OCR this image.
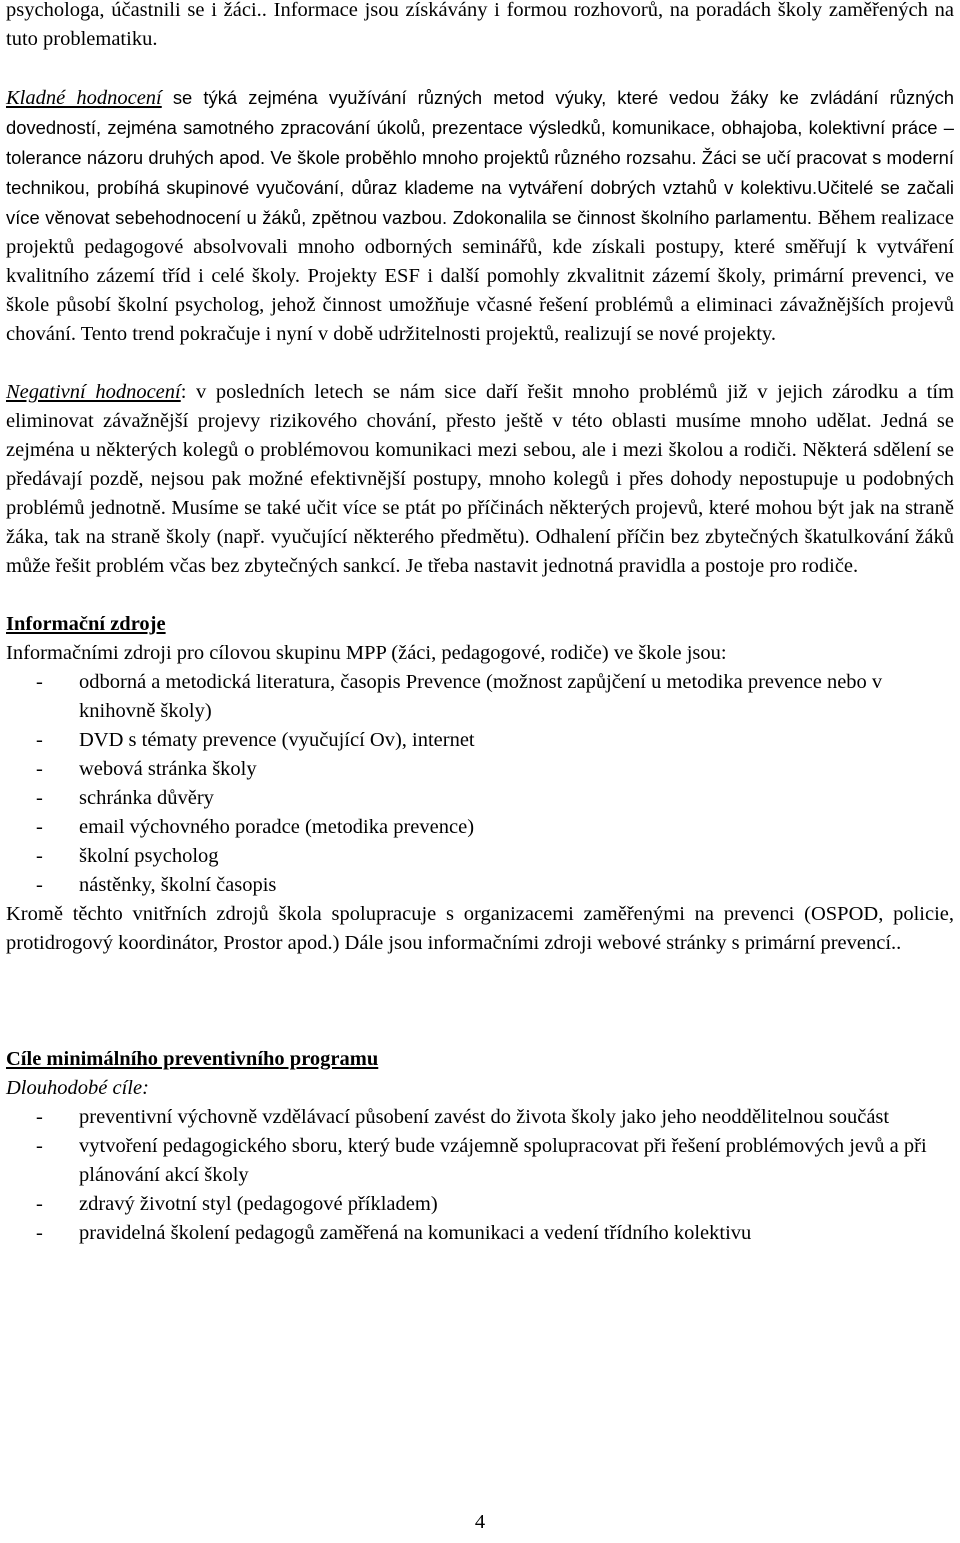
psychologa, účastnili se i žáci.. Informace jsou získávány i formou rozhovorů, na poradách školy zaměřených na tuto problematiku.

Kladné hodnocení se týká zejména využívání různých metod výuky, které vedou žáky ke zvládání různých dovedností, zejména samotného zpracování úkolů, prezentace výsledků, komunikace, obhajoba, kolektivní práce – tolerance názoru druhých apod. Ve škole proběhlo mnoho projektů různého rozsahu. Žáci se učí pracovat s moderní technikou, probíhá skupinové vyučování, důraz klademe na vytváření dobrých vztahů v kolektivu.Učitelé se začali více věnovat sebehodnocení u žáků, zpětnou vazbou. Zdokonalila se činnost školního parlamentu. Během realizace projektů pedagogové absolvovali mnoho odborných seminářů, kde získali postupy, které směřují k vytváření kvalitního zázemí tříd i celé školy. Projekty ESF i další pomohly zkvalitnit zázemí školy, primární prevenci, ve škole působí školní psycholog, jehož činnost umožňuje včasné řešení problémů a eliminaci závažnějších projevů chování. Tento trend pokračuje i nyní v době udržitelnosti projektů, realizují se nové projekty.

Negativní hodnocení: v posledních letech se nám sice daří řešit mnoho problémů již v jejich zárodku a tím eliminovat závažnější projevy rizikového chování, přesto ještě v této oblasti musíme mnoho udělat. Jedná se zejména u některých kolegů o problémovou komunikaci mezi sebou, ale i mezi školou a rodiči. Některá sdělení se předávají pozdě, nejsou pak možné efektivnější postupy, mnoho kolegů i přes dohody nepostupuje u podobných problémů jednotně. Musíme se také učit více se ptát po příčinách některých projevů, které mohou být jak na straně žáka, tak na straně školy (např. vyučující některého předmětu). Odhalení příčin bez zbytečných škatulkování žáků může řešit problém včas bez zbytečných sankcí. Je třeba nastavit jednotná pravidla a postoje pro rodiče.

Informační zdroje
Informačními zdroji pro cílovou skupinu MPP (žáci, pedagogové, rodiče) ve škole jsou:
- odborná a metodická literatura, časopis Prevence (možnost zapůjčení u metodika prevence nebo v knihovně školy)
- DVD s tématy prevence (vyučující Ov), internet
- webová stránka školy
- schránka důvěry
- email výchovného poradce (metodika prevence)
- školní psycholog
- nástěnky, školní časopis

Kromě těchto vnitřních zdrojů škola spolupracuje s organizacemi zaměřenými na prevenci (OSPOD, policie, protidrogový koordinátor, Prostor apod.) Dále jsou informačními zdroji webové stránky s primární prevencí..

Cíle minimálního preventivního programu
Dlouhodobé cíle:
- preventivní výchovně vzdělávací působení zavést do života školy jako jeho neoddělitelnou součást
- vytvoření pedagogického sboru, který bude vzájemně spolupracovat při řešení problémových jevů a při plánování akcí školy
- zdravý životní styl (pedagogové příkladem)
- pravidelná školení pedagogů zaměřená na komunikaci a vedení třídního kolektivu
4
